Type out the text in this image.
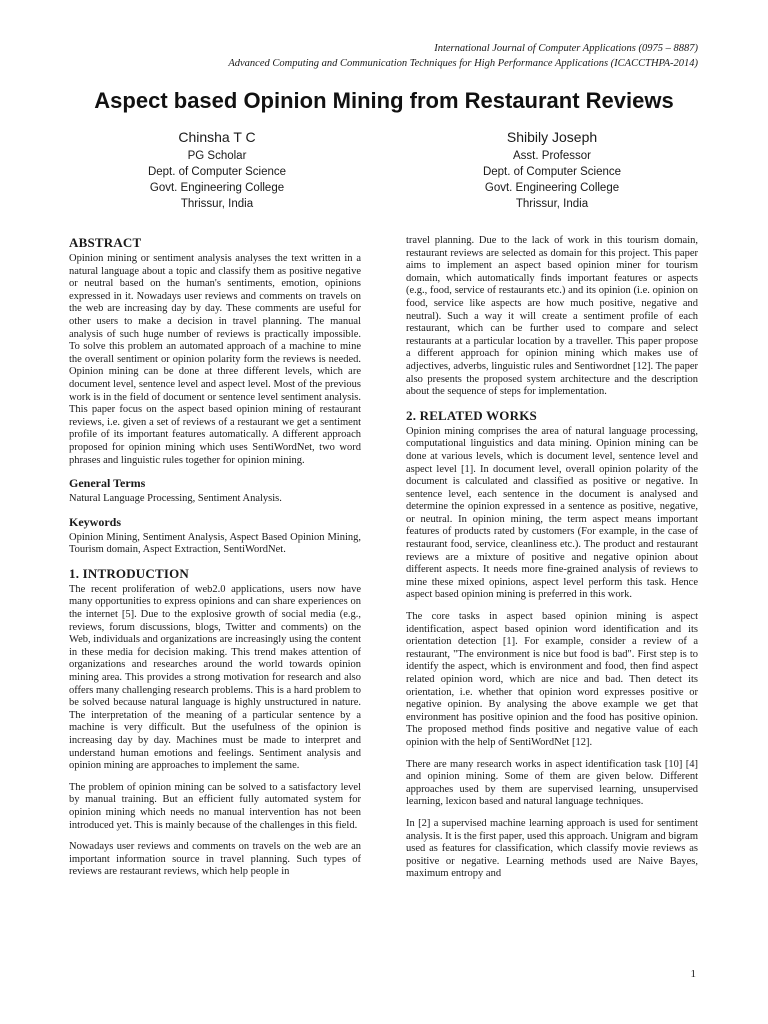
International Journal of Computer Applications (0975 – 8887)
Advanced Computing and Communication Techniques for High Performance Applications (ICACCTHPA-2014)
Aspect based Opinion Mining from Restaurant Reviews
Chinsha T C
PG Scholar
Dept. of Computer Science
Govt. Engineering College
Thrissur, India
Shibily Joseph
Asst. Professor
Dept. of Computer Science
Govt. Engineering College
Thrissur, India
ABSTRACT

Opinion mining or sentiment analysis analyses the text written in a natural language about a topic and classify them as positive negative or neutral based on the human's sentiments, emotion, opinions expressed in it. Nowadays user reviews and comments on travels on the web are increasing day by day. These comments are useful for other users to make a decision in travel planning. The manual analysis of such huge number of reviews is practically impossible. To solve this problem an automated approach of a machine to mine the overall sentiment or opinion polarity form the reviews is needed. Opinion mining can be done at three different levels, which are document level, sentence level and aspect level. Most of the previous work is in the field of document or sentence level sentiment analysis. This paper focus on the aspect based opinion mining of restaurant reviews, i.e. given a set of reviews of a restaurant we get a sentiment profile of its important features automatically. A different approach proposed for opinion mining which uses SentiWordNet, two word phrases and linguistic rules together for opinion mining.

General Terms

Natural Language Processing, Sentiment Analysis.

Keywords

Opinion Mining, Sentiment Analysis, Aspect Based Opinion Mining, Tourism domain, Aspect Extraction, SentiWordNet.

1. INTRODUCTION

The recent proliferation of web2.0 applications, users now have many opportunities to express opinions and can share experiences on the internet [5]. Due to the explosive growth of social media (e.g., reviews, forum discussions, blogs, Twitter and comments) on the Web, individuals and organizations are increasingly using the content in these media for decision making. This trend makes attention of organizations and researches around the world towards opinion mining area. This provides a strong motivation for research and also offers many challenging research problems. This is a hard problem to be solved because natural language is highly unstructured in nature. The interpretation of the meaning of a particular sentence by a machine is very difficult. But the usefulness of the opinion is increasing day by day. Machines must be made to interpret and understand human emotions and feelings. Sentiment analysis and opinion mining are approaches to implement the same.

The problem of opinion mining can be solved to a satisfactory level by manual training. But an efficient fully automated system for opinion mining which needs no manual intervention has not been introduced yet. This is mainly because of the challenges in this field.

Nowadays user reviews and comments on travels on the web are an important information source in travel planning. Such types of reviews are restaurant reviews, which help people in

travel planning. Due to the lack of work in this tourism domain, restaurant reviews are selected as domain for this project. This paper aims to implement an aspect based opinion miner for tourism domain, which automatically finds important features or aspects (e.g., food, service of restaurants etc.) and its opinion (i.e. opinion on food, service like aspects are how much positive, negative and neutral). Such a way it will create a sentiment profile of each restaurant, which can be further used to compare and select restaurants at a particular location by a traveller. This paper propose a different approach for opinion mining which makes use of adjectives, adverbs, linguistic rules and Sentiwordnet [12]. The paper also presents the proposed system architecture and the description about the sequence of steps for implementation.

2. RELATED WORKS

Opinion mining comprises the area of natural language processing, computational linguistics and data mining. Opinion mining can be done at various levels, which is document level, sentence level and aspect level [1]. In document level, overall opinion polarity of the document is calculated and classified as positive or negative. In sentence level, each sentence in the document is analysed and determine the opinion expressed in a sentence as positive, negative, or neutral. In opinion mining, the term aspect means important features of products rated by customers (For example, in the case of restaurant food, service, cleanliness etc.). The product and restaurant reviews are a mixture of positive and negative opinion about different aspects. It needs more fine-grained analysis of reviews to mine these mixed opinions, aspect level perform this task. Hence aspect based opinion mining is preferred in this work.

The core tasks in aspect based opinion mining is aspect identification, aspect based opinion word identification and its orientation detection [1]. For example, consider a review of a restaurant, "The environment is nice but food is bad". First step is to identify the aspect, which is environment and food, then find aspect related opinion word, which are nice and bad. Then detect its orientation, i.e. whether that opinion word expresses positive or negative opinion. By analysing the above example we get that environment has positive opinion and the food has positive opinion. The proposed method finds positive and negative value of each opinion with the help of SentiWordNet [12].

There are many research works in aspect identification task [10] [4] and opinion mining. Some of them are given below. Different approaches used by them are supervised learning, unsupervised learning, lexicon based and natural language techniques.

In [2] a supervised machine learning approach is used for sentiment analysis. It is the first paper, used this approach. Unigram and bigram used as features for classification, which classify movie reviews as positive or negative. Learning methods used are Naive Bayes, maximum entropy and

1
